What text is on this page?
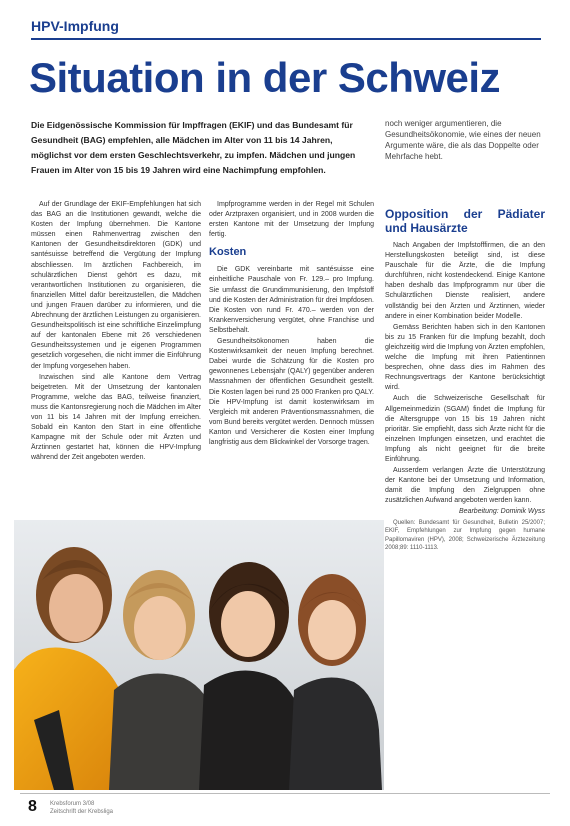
HPV-Impfung
Situation in der Schweiz

Die Eidgenössische Kommission für Impffragen (EKIF) und das Bundesamt für Gesundheit (BAG) empfehlen, alle Mädchen im Alter von 11 bis 14 Jahren, möglichst vor dem ersten Geschlechtsverkehr, zu impfen. Mädchen und jungen Frauen im Alter von 15 bis 19 Jahren wird eine Nachimpfung empfohlen.

noch weniger argumentieren, die Gesundheitsökonomie, wie eines der neuen Argumente wäre, die als das Doppelte oder Mehrfache hebt.

Auf der Grundlage der EKIF-Empfehlungen hat sich das BAG an die Institutionen gewandt, welche die Kosten der Impfung übernehmen. Die Kantone müssen einen Rahmenvertrag zwischen den Kantonen der Gesundheitsdirektoren (GDK) und santésuisse betreffend die Vergütung der Impfung abschliessen. Im ärztlichen Fachbereich, im schulärztlichen Dienst gehört es dazu, mit verantwortlichen Institutionen zu organisieren, die finanziellen Mittel dafür bereitzustellen, die Mädchen und jungen Frauen darüber zu informieren, und die Abrechnung der ärztlichen Leistungen zu organisieren. Gesundheitspolitisch ist eine schriftliche Einzelimpfung auf der kantonalen Ebene mit 26 verschiedenen Gesundheitssystemen und je eigenen Programmen gesetzlich vorgesehen, die nicht immer die Einführung der Impfung vorgesehen haben.

Inzwischen sind alle Kantone dem Vertrag beigetreten. Mit der Umsetzung der kantonalen Programme, welche das BAG, teilweise finanziert, muss die Kantonsregierung noch die Mädchen im Alter von 11 bis 14 Jahren mit der Impfung erreichen. Sobald ein Kanton den Start in eine öffentliche Kampagne mit der Schule oder mit Ärzten und Ärztinnen gestartet hat, können die HPV-Impfung während der Zeit angeboten werden.

Impfprogramme werden in der Regel mit Schulen oder Arztpraxen organisiert, und in 2008 wurden die ersten Kantone mit der Umsetzung der Impfung fertig.

Kosten

Die GDK vereinbarte mit santésuisse eine einheitliche Pauschale von Fr. 129.– pro Impfung. Sie umfasst die Grundimmunisierung, den Impfstoff und die Kosten der Administration für drei Impfdosen. Die Kosten von rund Fr. 470.– werden von der Krankenversicherung vergütet, ohne Franchise und Selbstbehalt.

Gesundheitsökonomen haben die Kostenwirksamkeit der neuen Impfung berechnet. Dabei wurde die Schätzung für die Kosten pro gewonnenes Lebensjahr (QALY) gegenüber anderen Massnahmen der öffentlichen Gesundheit gestellt. Die Kosten lagen bei rund 25 000 Franken pro QALY. Die HPV-Impfung ist damit kostenwirksam im Vergleich mit anderen Präventionsmassnahmen, die vom Bund bereits vergütet werden. Dennoch müssen Kanton und Versicherer die Kosten einer Impfung langfristig aus dem Blickwinkel der Vorsorge tragen.

Opposition der Pädiater und Hausärzte

Nach Angaben der Impfstofffirmen, die an den Herstellungskosten beteiligt sind, ist diese Pauschale für die Ärzte, die die Impfung durchführen, nicht kostendeckend. Einige Kantone haben deshalb das Impfprogramm nur über die Schulärztlichen Dienste realisiert, andere vollständig bei den Ärzten und Ärztinnen, wieder andere in einer Kombination beider Modelle.

Gemäss Berichten haben sich in den Kantonen bis zu 15 Franken für die Impfung bezahlt, doch gleichzeitig wird die Impfung von Ärzten empfohlen, welche die Impfung mit ihren Patientinnen besprechen, ohne dass dies im Rahmen des Rechnungsvertrags der Kantone berücksichtigt wird.

Auch die Schweizerische Gesellschaft für Allgemeinmedizin (SGAM) findet die Impfung für die Altersgruppe von 15 bis 19 Jahren nicht prioritär. Sie empfiehlt, dass sich Ärzte nicht für die einzelnen Impfungen einsetzen, und erachtet die Impfung als nicht geeignet für die breite Einführung.

Ausserdem verlangen Ärzte die Unterstützung der Kantone bei der Umsetzung und Information, damit die Impfung den Zielgruppen ohne zusätzlichen Aufwand angeboten werden kann.

Bearbeitung: Dominik Wyss

Quellen: Bundesamt für Gesundheit, Bulletin 25/2007; EKIF, Empfehlungen zur Impfung gegen humane Papillomaviren (HPV), 2008; Schweizerische Ärztezeitung 2008;89: 1110-1113.

8 Krebsforum 3/08
Zeitschrift der Krebsliga
